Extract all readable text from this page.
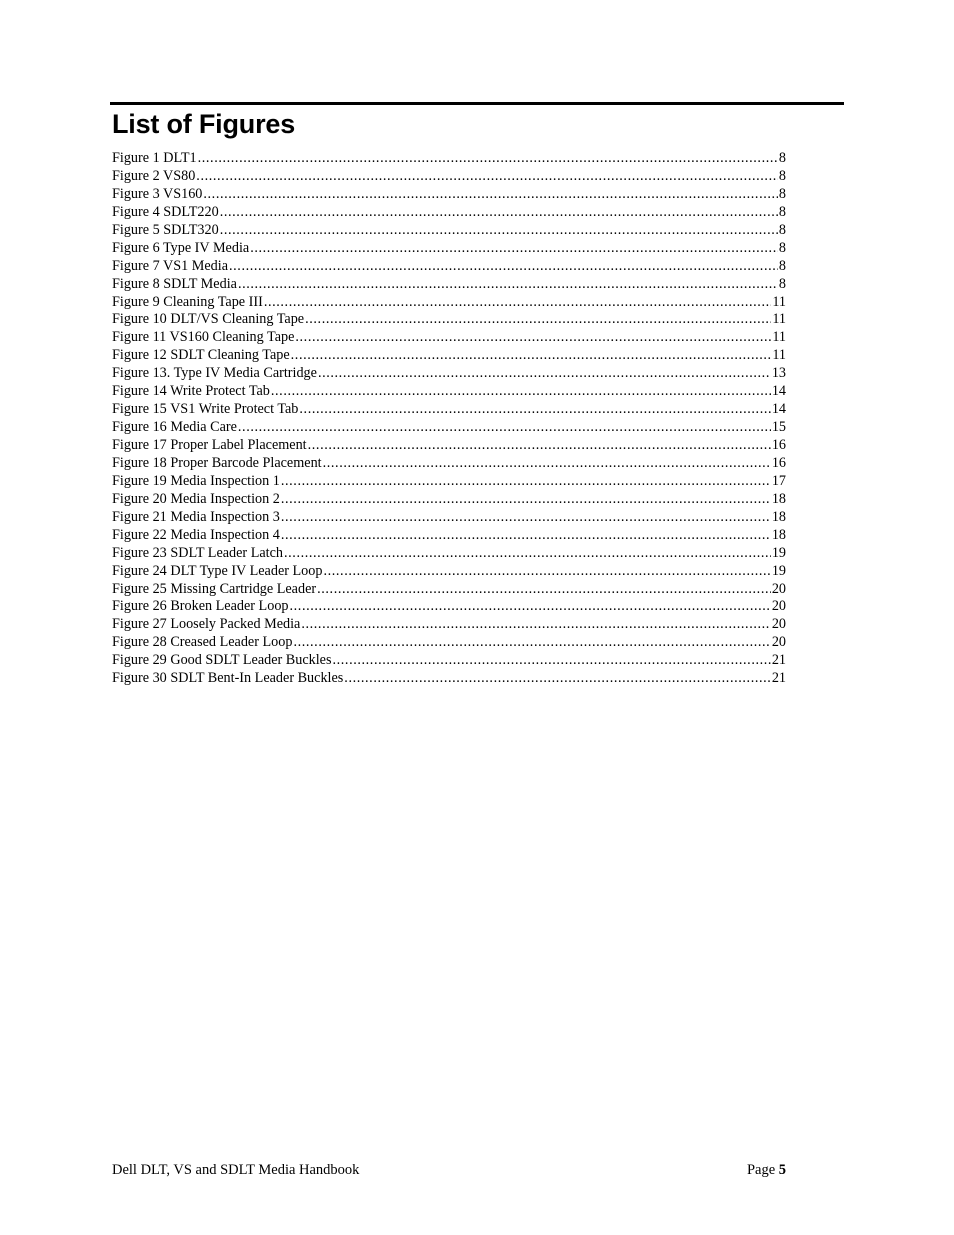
List of Figures
Figure 1 DLT1 .....	8
Figure 2 VS80 .....	8
Figure 3 VS160 .....	8
Figure 4 SDLT220 .....	8
Figure 5 SDLT320 .....	8
Figure 6 Type IV Media .....	8
Figure 7 VS1 Media .....	8
Figure 8 SDLT Media .....	8
Figure 9 Cleaning Tape III .....	11
Figure 10 DLT/VS Cleaning Tape .....	11
Figure 11 VS160 Cleaning Tape .....	11
Figure 12 SDLT Cleaning Tape .....	11
Figure 13. Type IV Media Cartridge .....	13
Figure 14 Write Protect Tab .....	14
Figure 15 VS1 Write Protect Tab .....	14
Figure 16 Media Care .....	15
Figure 17 Proper Label Placement .....	16
Figure 18 Proper Barcode Placement .....	16
Figure 19 Media Inspection 1 .....	17
Figure 20 Media Inspection 2 .....	18
Figure 21 Media Inspection 3 .....	18
Figure 22 Media Inspection 4 .....	18
Figure 23 SDLT Leader Latch .....	19
Figure 24 DLT Type IV Leader Loop .....	19
Figure 25 Missing Cartridge Leader .....	20
Figure 26 Broken Leader Loop .....	20
Figure 27 Loosely Packed Media .....	20
Figure 28 Creased Leader Loop .....	20
Figure 29 Good SDLT Leader Buckles .....	21
Figure 30 SDLT Bent-In Leader Buckles .....	21
Dell DLT, VS and SDLT Media Handbook	Page 5
